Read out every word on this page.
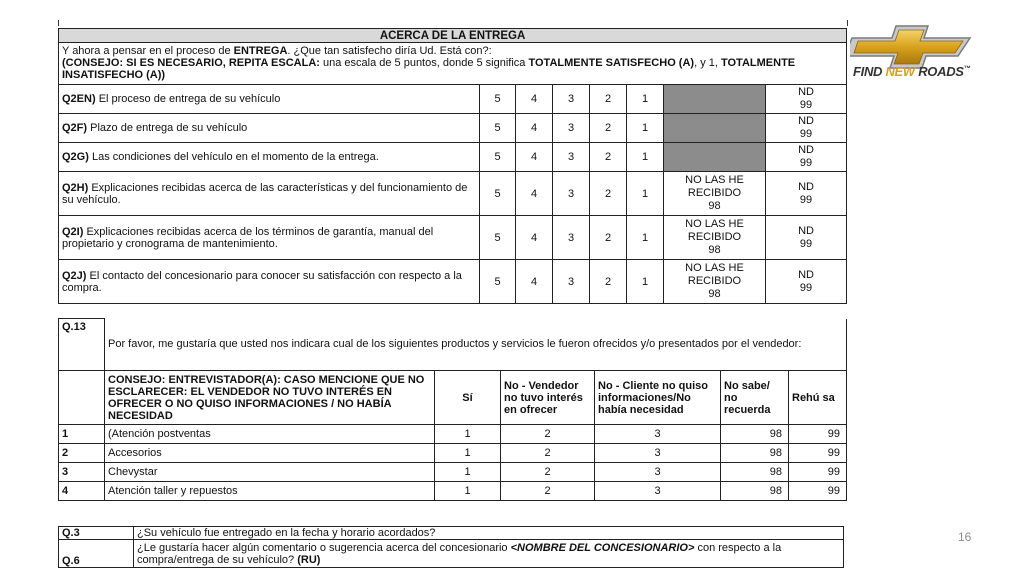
ACERCA DE LA ENTREGA							
Y ahora a pensar en el proceso de ENTREGA. ¿Que tan satisfecho diría Ud. Está con?:
(CONSEJO: SI ES NECESARIO, REPITA ESCALA: una escala de 5 puntos, donde 5 significa TOTALMENTE SATISFECHO (A), y 1, TOTALMENTE INSATISFECHO (A))							
Q2EN) El proceso de entrega de su vehículo	5	4	3	2	1		ND
99
Q2F) Plazo de entrega de su vehículo	5	4	3	2	1		ND
99
Q2G) Las condiciones del vehículo en el momento de la entrega.	5	4	3	2	1		ND
99
Q2H) Explicaciones recibidas acerca de las características y del funcionamiento de su vehículo.	5	4	3	2	1	NO LAS HE
RECIBIDO
98	ND
99
Q2I) Explicaciones recibidas acerca de los términos de garantía, manual del propietario y cronograma de mantenimiento.	5	4	3	2	1	NO LAS HE
RECIBIDO
98	ND
99
Q2J) El contacto del concesionario para conocer su satisfacción con respecto a la compra.	5	4	3	2	1	NO LAS HE
RECIBIDO
98	ND
99
Q.13	Por favor, me gustaría que usted nos indicara cual de los siguientes productos y servicios le fueron ofrecidos y/o presentados por el vendedor:					
	CONSEJO: ENTREVISTADOR(A): CASO MENCIONE QUE NO ESCLARECER: EL VENDEDOR NO TUVO INTERÉS EN OFRECER O NO QUISO INFORMACIONES / NO HABÍA NECESIDAD	Sí	No - Vendedor no tuvo interés en ofrecer	No - Cliente no quiso informaciones/No había necesidad	No sabe/ no recuerda	Rehú sa
1	(Atención postventas	1	2	3	98	99
2	Accesorios	1	2	3	98	99
3	Chevystar	1	2	3	98	99
4	Atención taller y repuestos	1	2	3	98	99
Q.3	¿Su vehículo fue entregado en la fecha y horario acordados?
Q.6	¿Le gustaría hacer algún comentario o sugerencia acerca del concesionario <NOMBRE DEL CONCESIONARIO> con respecto a la compra/entrega de su vehículo? (RU)
FIND NEW ROADS™
16
